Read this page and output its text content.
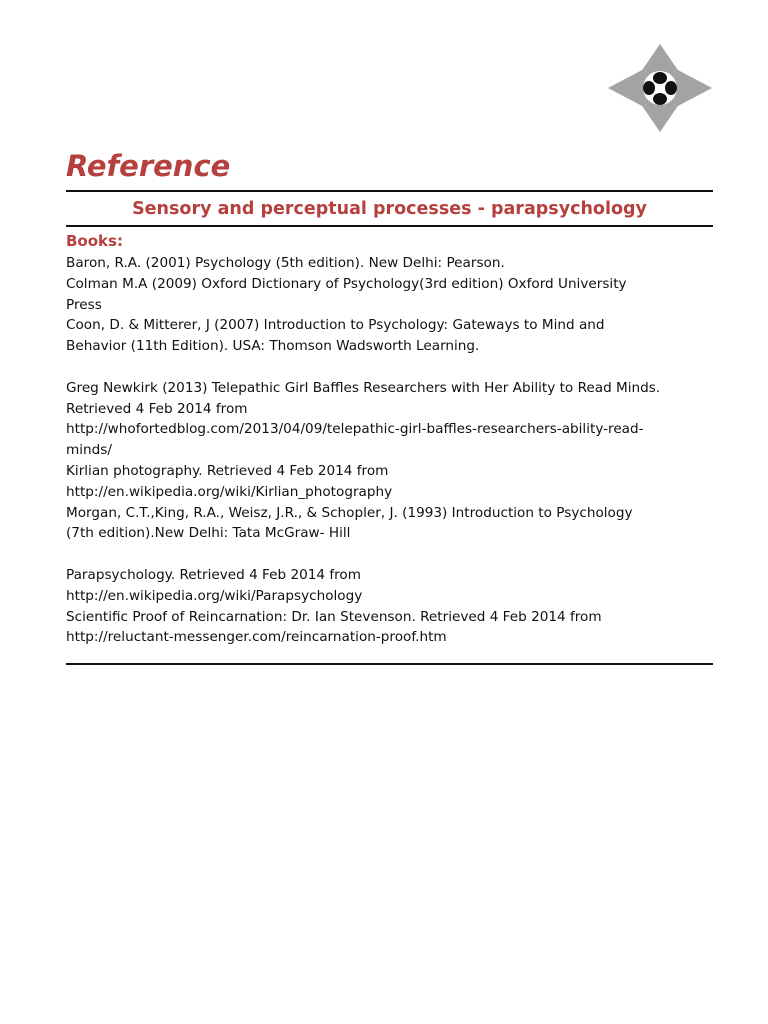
Reference
Sensory and perceptual processes - parapsychology

Books:

Baron, R.A. (2001) Psychology (5th edition). New Delhi: Pearson.

Colman M.A (2009) Oxford Dictionary of Psychology(3rd edition) Oxford University

Press

Coon, D. & Mitterer, J (2007) Introduction to Psychology: Gateways to Mind and

Behavior (11th Edition). USA: Thomson Wadsworth Learning.

Greg Newkirk (2013) Telepathic Girl Baffles Researchers with Her Ability to Read Minds.

Retrieved 4 Feb 2014 from

http://whofortedblog.com/2013/04/09/telepathic-girl-baffles-researchers-ability-read-

minds/

Kirlian photography. Retrieved 4 Feb 2014 from

http://en.wikipedia.org/wiki/Kirlian_photography

Morgan, C.T.,King, R.A., Weisz, J.R., & Schopler, J. (1993) Introduction to Psychology

(7th edition).New Delhi: Tata McGraw- Hill

Parapsychology. Retrieved 4 Feb 2014 from

http://en.wikipedia.org/wiki/Parapsychology

Scientific Proof of Reincarnation: Dr. Ian Stevenson. Retrieved 4 Feb 2014 from

http://reluctant-messenger.com/reincarnation-proof.htm
